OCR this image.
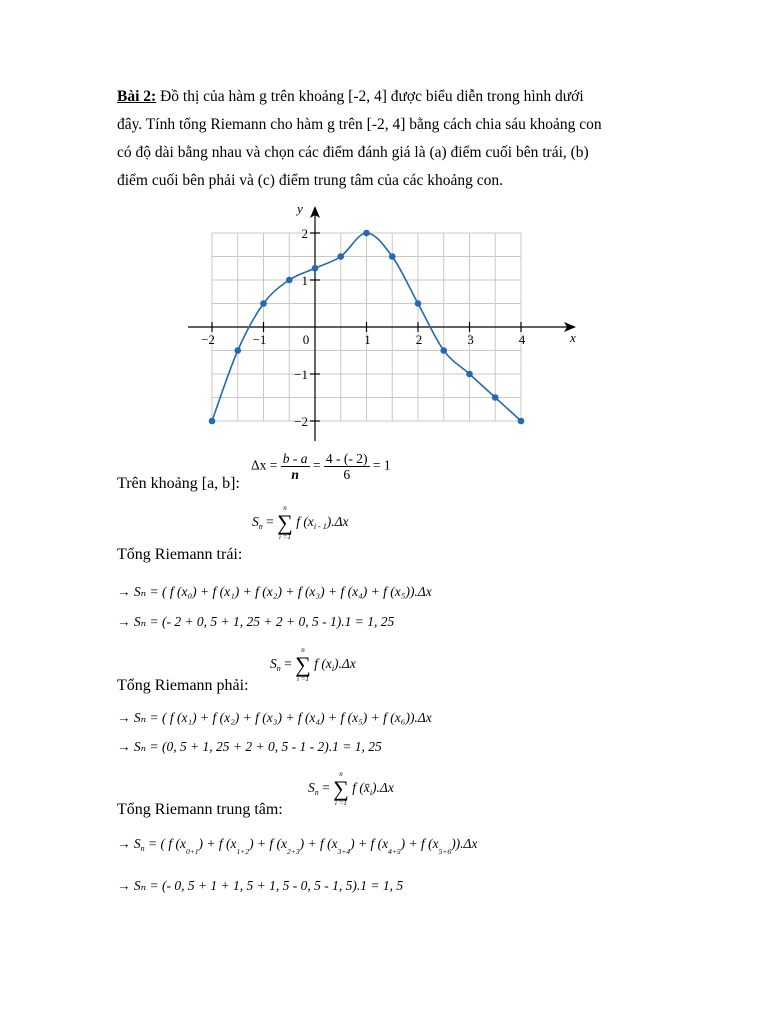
Bài 2: Đồ thị của hàm g trên khoảng [-2, 4] được biểu diễn trong hình dưới
đây. Tính tổng Riemann cho hàm g trên [-2, 4] bằng cách chia sáu khoảng con
có độ dài bằng nhau và chọn các điểm đánh giá là (a) điểm cuối bên trái, (b)
điểm cuối bên phải và (c) điểm trung tâm của các khoảng con.
x
y
−2	−1	0	1	2	3	4
2
1
−1
−2
Trên khoảng [a, b]:
$\Delta x = \frac{b - a}{n} = \frac{4 - (- 2)}{6} = 1$
$S_n$ =
n
∑
i =1
f $(x_{i - 1}).\Delta x$
Tổng Riemann trái:
→ Sₙ = ( f (x₀) + f (x₁) + f (x₂) + f (x₃) + f (x₄) + f (x₅)).Δx
→ Sₙ = (- 2 + 0, 5 + 1, 25 + 2 + 0, 5 - 1).1 = 1, 25
$S_n$ =
n
∑
i =1
f $(x_i).\Delta x$
Tổng Riemann phải:
→ Sₙ = ( f (x₁) + f (x₂) + f (x₃) + f (x₄) + f (x₅) + f (x₆)).Δx
→ Sₙ = (0, 5 + 1, 25 + 2 + 0, 5 - 1 - 2).1 = 1, 25
$S_n$ =
n
∑
i =1
f $(x̄_i).\Delta x$
Tổng Riemann trung tâm:
→ $S_n$ = ( f $(x_{0+1}) + f$ $(x_{1+2}) + f$ $(x_{2+3}) + f$ $(x_{3+4}) + f$ $(x_{4+5}) + f$ $(x_{5+6})).\Delta x$
→ Sₙ = (- 0, 5 + 1 + 1, 5 + 1, 5 - 0, 5 - 1, 5).1 = 1, 5
